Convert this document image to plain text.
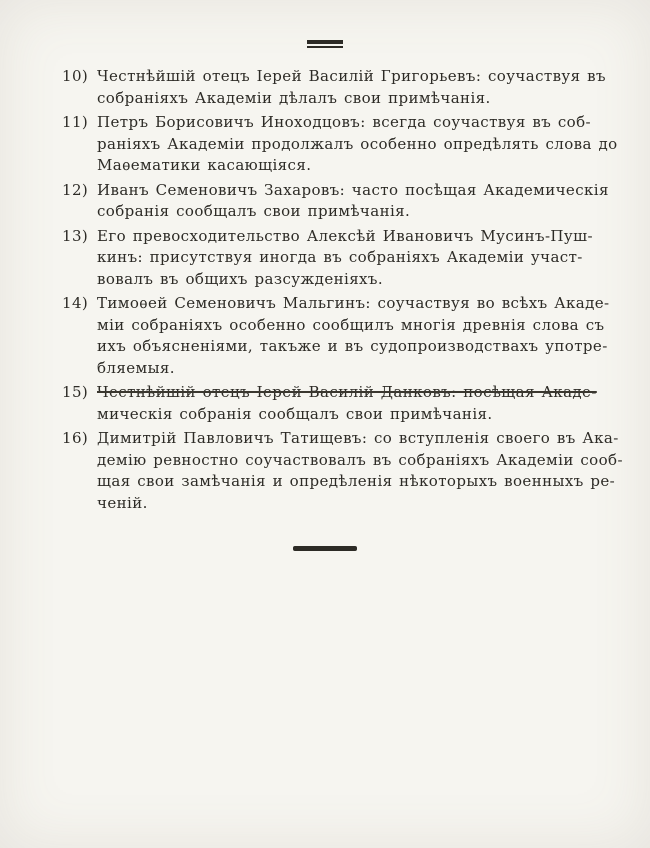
10) Честнѣйшій отецъ Іерей Василій Григорьевъ: соучаствуя въ
собраніяхъ Академіи дѣлалъ свои примѣчанія.
11) Петръ Борисовичъ Иноходцовъ: всегда соучаствуя въ соб-
раніяхъ Академіи продолжалъ особенно опредѣлять слова до
Маѳематики касающіяся.
12) Иванъ Семеновичъ Захаровъ: часто посѣщая Академическія
собранія сообщалъ свои примѣчанія.
13) Его превосходительство Алексѣй Ивановичъ Мусинъ-Пуш-
кинъ: присутствуя иногда въ собраніяхъ Академіи участ-
вовалъ въ общихъ разсужденіяхъ.
14) Тимоѳей Семеновичъ Мальгинъ: соучаствуя во всѣхъ Акаде-
міи собраніяхъ особенно сообщилъ многія древнія слова съ
ихъ объясненіями, такъже и въ судопроизводствахъ употре-
бляемыя.
15) Честнѣйшій отецъ Іерей Василій Данковъ: посѣщая Акаде-
мическія собранія сообщалъ свои примѣчанія.
16) Димитрій Павловичъ Татищевъ: со вступленія своего въ Ака-
демію ревностно соучаствовалъ въ собраніяхъ Академіи сооб-
щая свои замѣчанія и опредѣленія нѣкоторыхъ военныхъ ре-
ченій.
